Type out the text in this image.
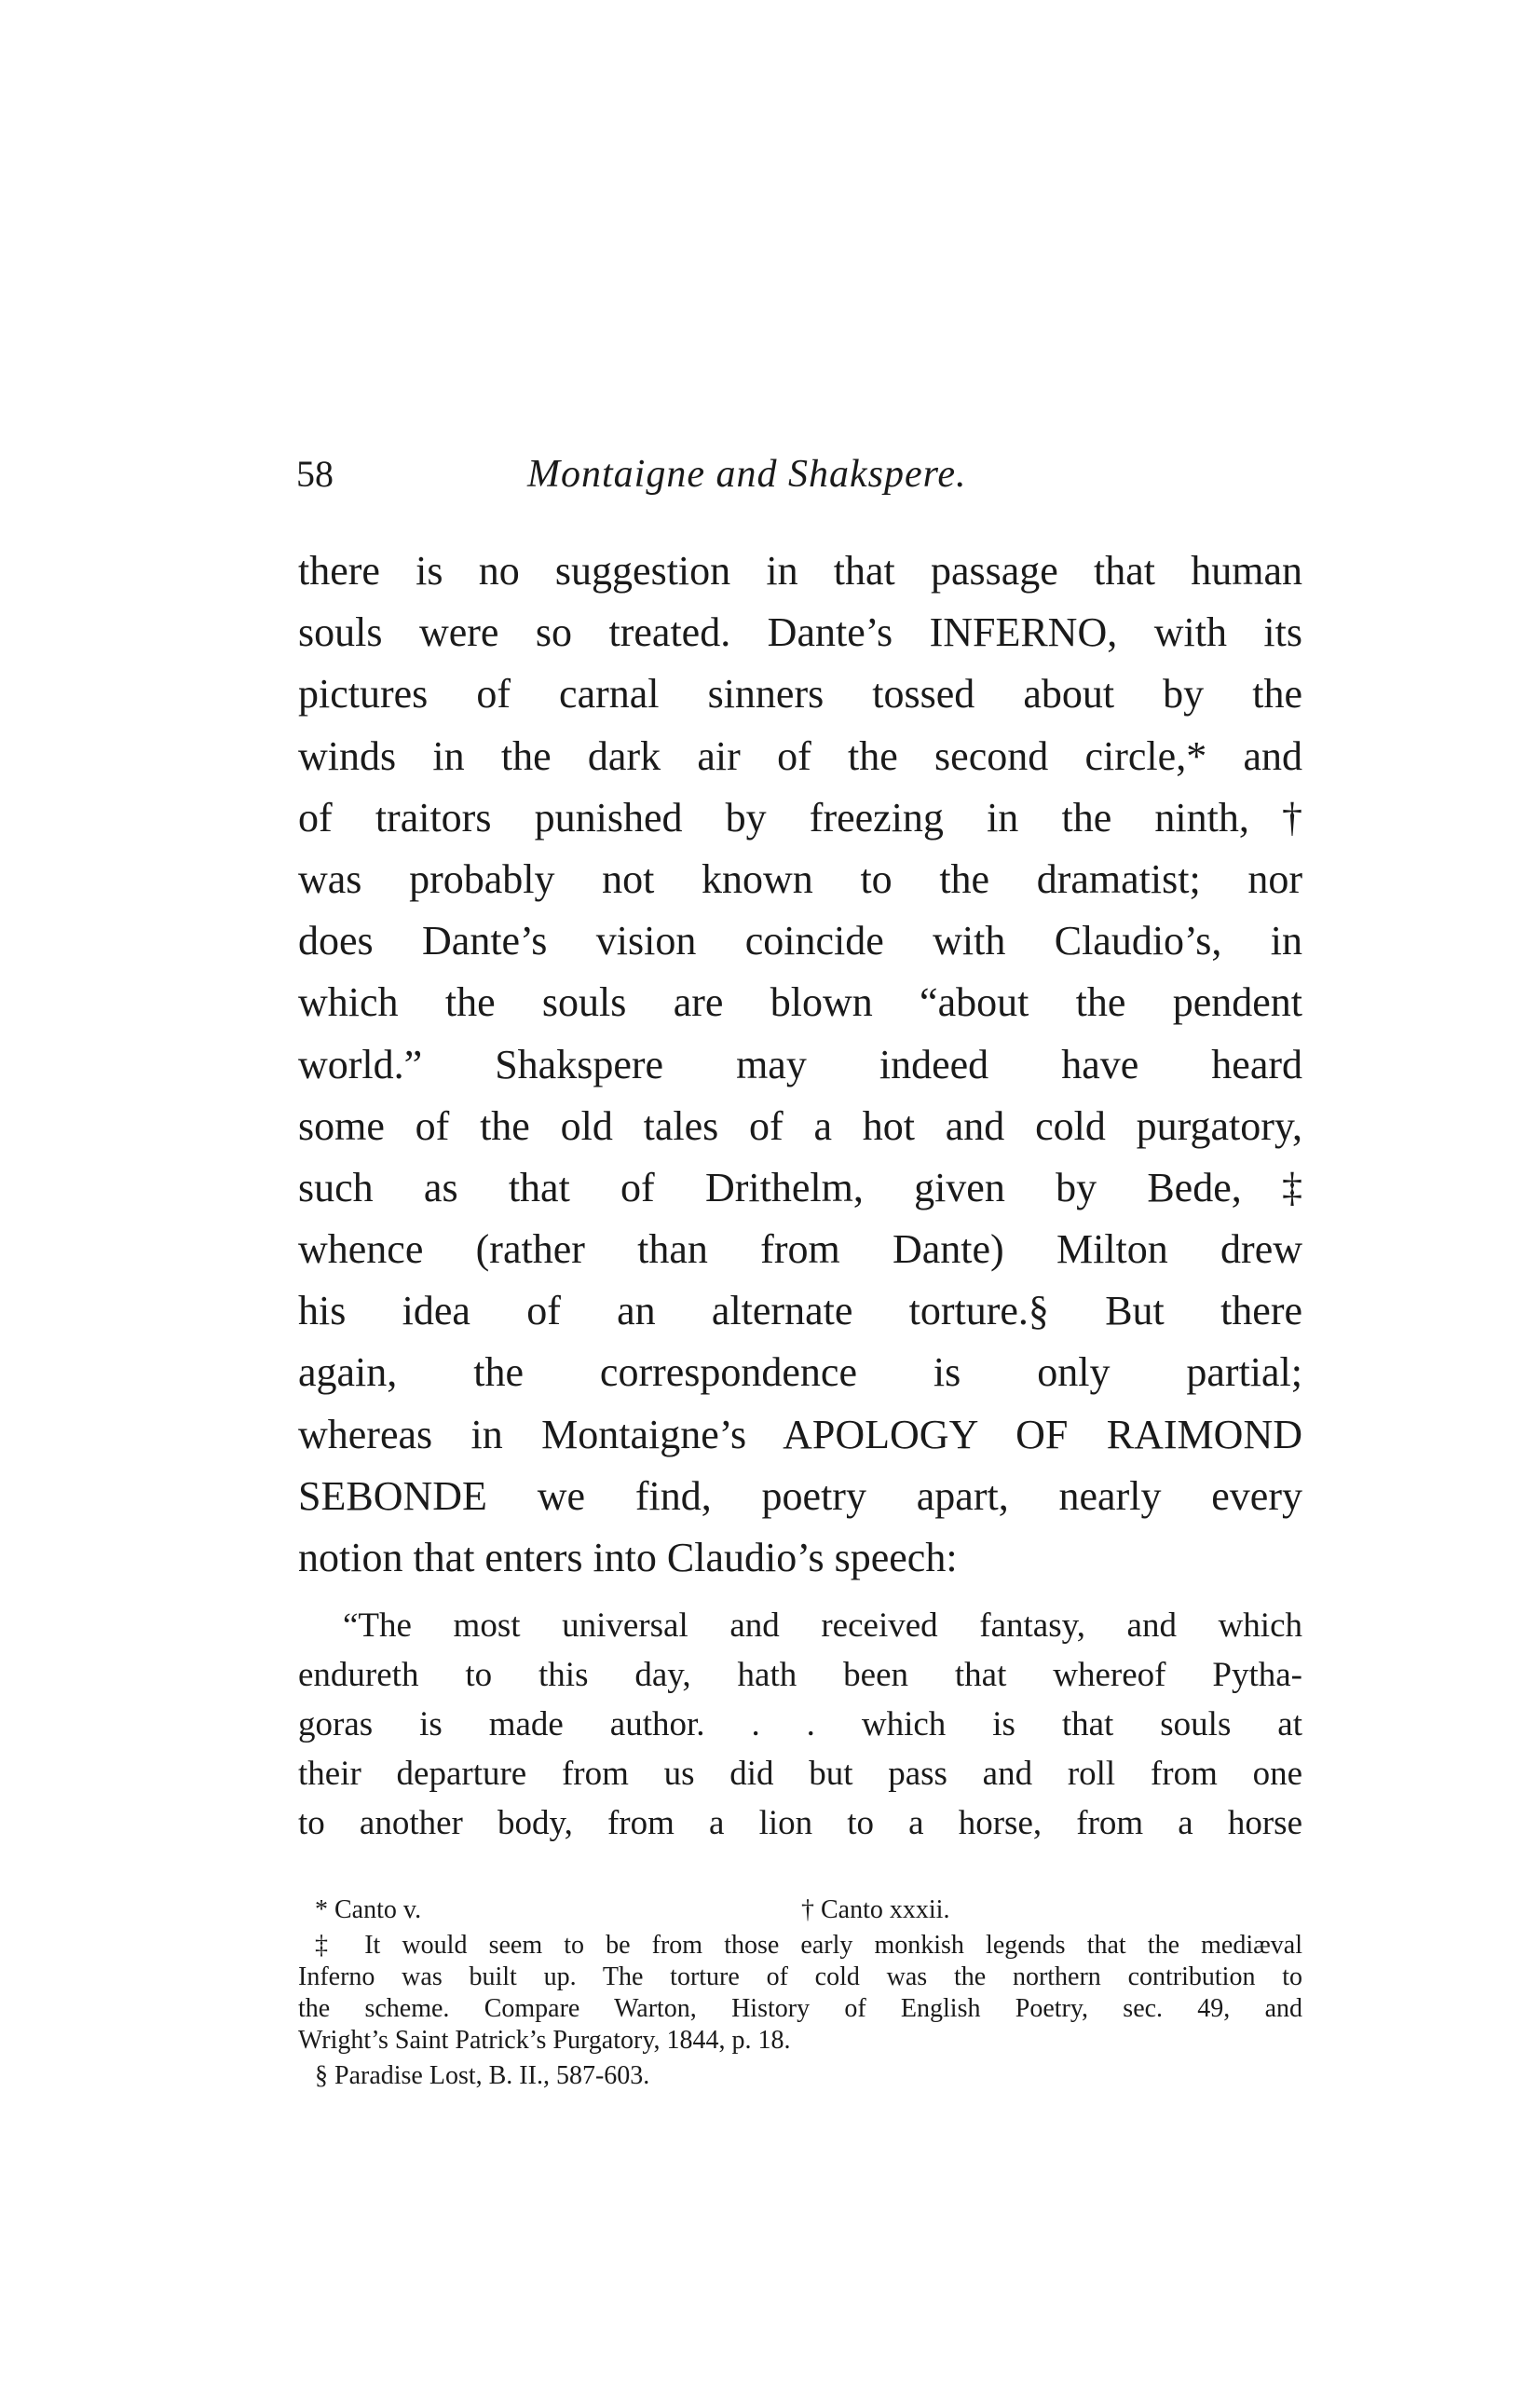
58	Montaigne and Shakspere.
there is no suggestion in that passage that human
souls were so treated. Dante’s INFERNO, with its
pictures of carnal sinners tossed about by the
winds in the dark air of the second circle,* and
of traitors punished by freezing in the ninth,†
was probably not known to the dramatist; nor
does Dante’s vision coincide with Claudio’s, in
which the souls are blown “about the pendent
world.” Shakspere may indeed have heard
some of the old tales of a hot and cold purgatory,
such as that of Drithelm, given by Bede,‡
whence (rather than from Dante) Milton drew
his idea of an alternate torture.§ But there
again, the correspondence is only partial;
whereas in Montaigne’s APOLOGY OF RAIMOND
SEBONDE we find, poetry apart, nearly every
notion that enters into Claudio’s speech:
“The most universal and received fantasy, and which
endureth to this day, hath been that whereof Pytha-
goras is made author. . . which is that souls at
their departure from us did but pass and roll from one
to another body, from a lion to a horse, from a horse
* Canto v.	† Canto xxxii.
‡ It would seem to be from those early monkish legends that the mediæval
Inferno was built up. The torture of cold was the northern contribution to
the scheme. Compare Warton, History of English Poetry, sec. 49, and
Wright’s Saint Patrick’s Purgatory, 1844, p. 18.
§ Paradise Lost, B. II., 587-603.
